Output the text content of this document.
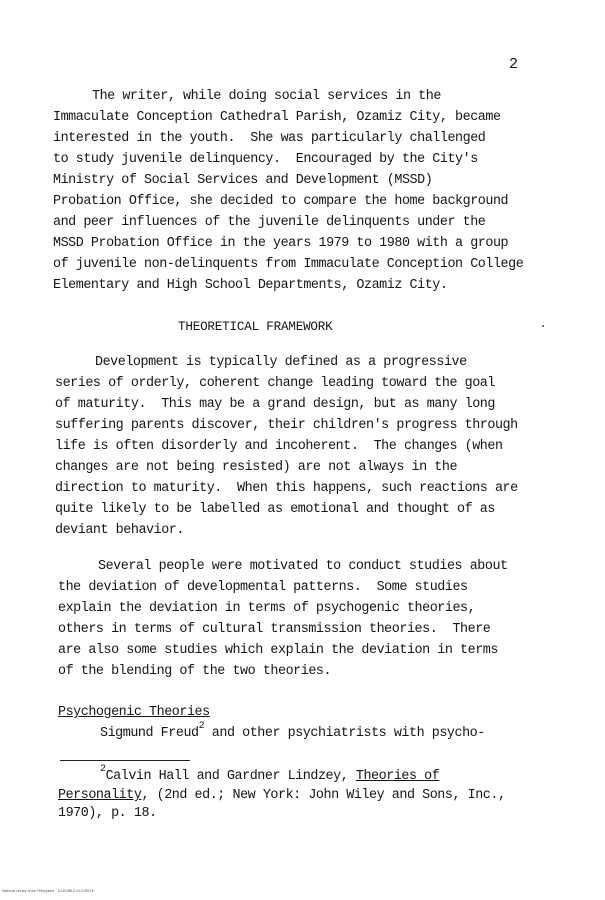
2
The writer, while doing social services in the
Immaculate Conception Cathedral Parish, Ozamiz City, became
interested in the youth.  She was particularly challenged
to study juvenile delinquency.  Encouraged by the City's
Ministry of Social Services and Development (MSSD)
Probation Office, she decided to compare the home background
and peer influences of the juvenile delinquents under the
MSSD Probation Office in the years 1979 to 1980 with a group
of juvenile non-delinquents from Immaculate Conception College
Elementary and High School Departments, Ozamiz City.
THEORETICAL FRAMEWORK
Development is typically defined as a progressive
series of orderly, coherent change leading toward the goal
of maturity.  This may be a grand design, but as many long
suffering parents discover, their children's progress through
life is often disorderly and incoherent.  The changes (when
changes are not being resisted) are not always in the
direction to maturity.  When this happens, such reactions are
quite likely to be labelled as emotional and thought of as
deviant behavior.
Several people were motivated to conduct studies about
the deviation of developmental patterns.  Some studies
explain the deviation in terms of psychogenic theories,
others in terms of cultural transmission theories.  There
are also some studies which explain the deviation in terms
of the blending of the two theories.
Psychogenic Theories
Sigmund Freud$^2$ and other psychiatrists with psycho-
$^2$Calvin Hall and Gardner Lindzey, Theories of
Personality, (2nd ed.; New York: John Wiley and Sons, Inc.,
1970), p. 18.
National Library of the Philippines    ILLEGIBLE ILLEGIBLE
